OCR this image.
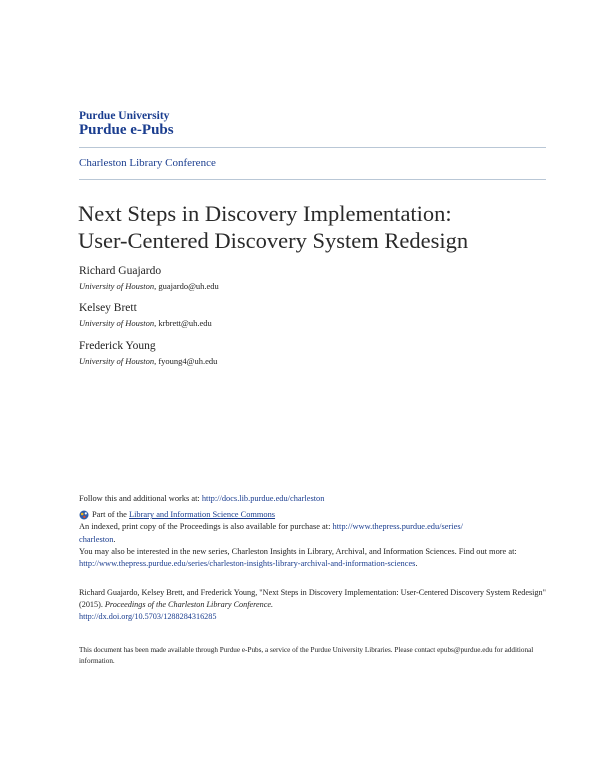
Purdue University
Purdue e-Pubs
Charleston Library Conference
Next Steps in Discovery Implementation:
User-Centered Discovery System Redesign
Richard Guajardo
University of Houston, guajardo@uh.edu
Kelsey Brett
University of Houston, krbrett@uh.edu
Frederick Young
University of Houston, fyoung4@uh.edu

Follow this and additional works at: http://docs.lib.purdue.edu/charleston

Part of the
Library and Information Science Commons

An indexed, print copy of the Proceedings is also available for purchase at: http://www.thepress.purdue.edu/series/
charleston.

You may also be interested in the new series, Charleston Insights in Library, Archival, and Information Sciences. Find out more at: http://www.thepress.purdue.edu/series/charleston-insights-library-archival-and-information-sciences.

Richard Guajardo, Kelsey Brett, and Frederick Young, "Next Steps in Discovery Implementation: User-Centered Discovery System Redesign" (2015). Proceedings of the Charleston Library Conference.

http://dx.doi.org/10.5703/1288284316285

This document has been made available through Purdue e-Pubs, a service of the Purdue University Libraries. Please contact epubs@purdue.edu for additional information.
